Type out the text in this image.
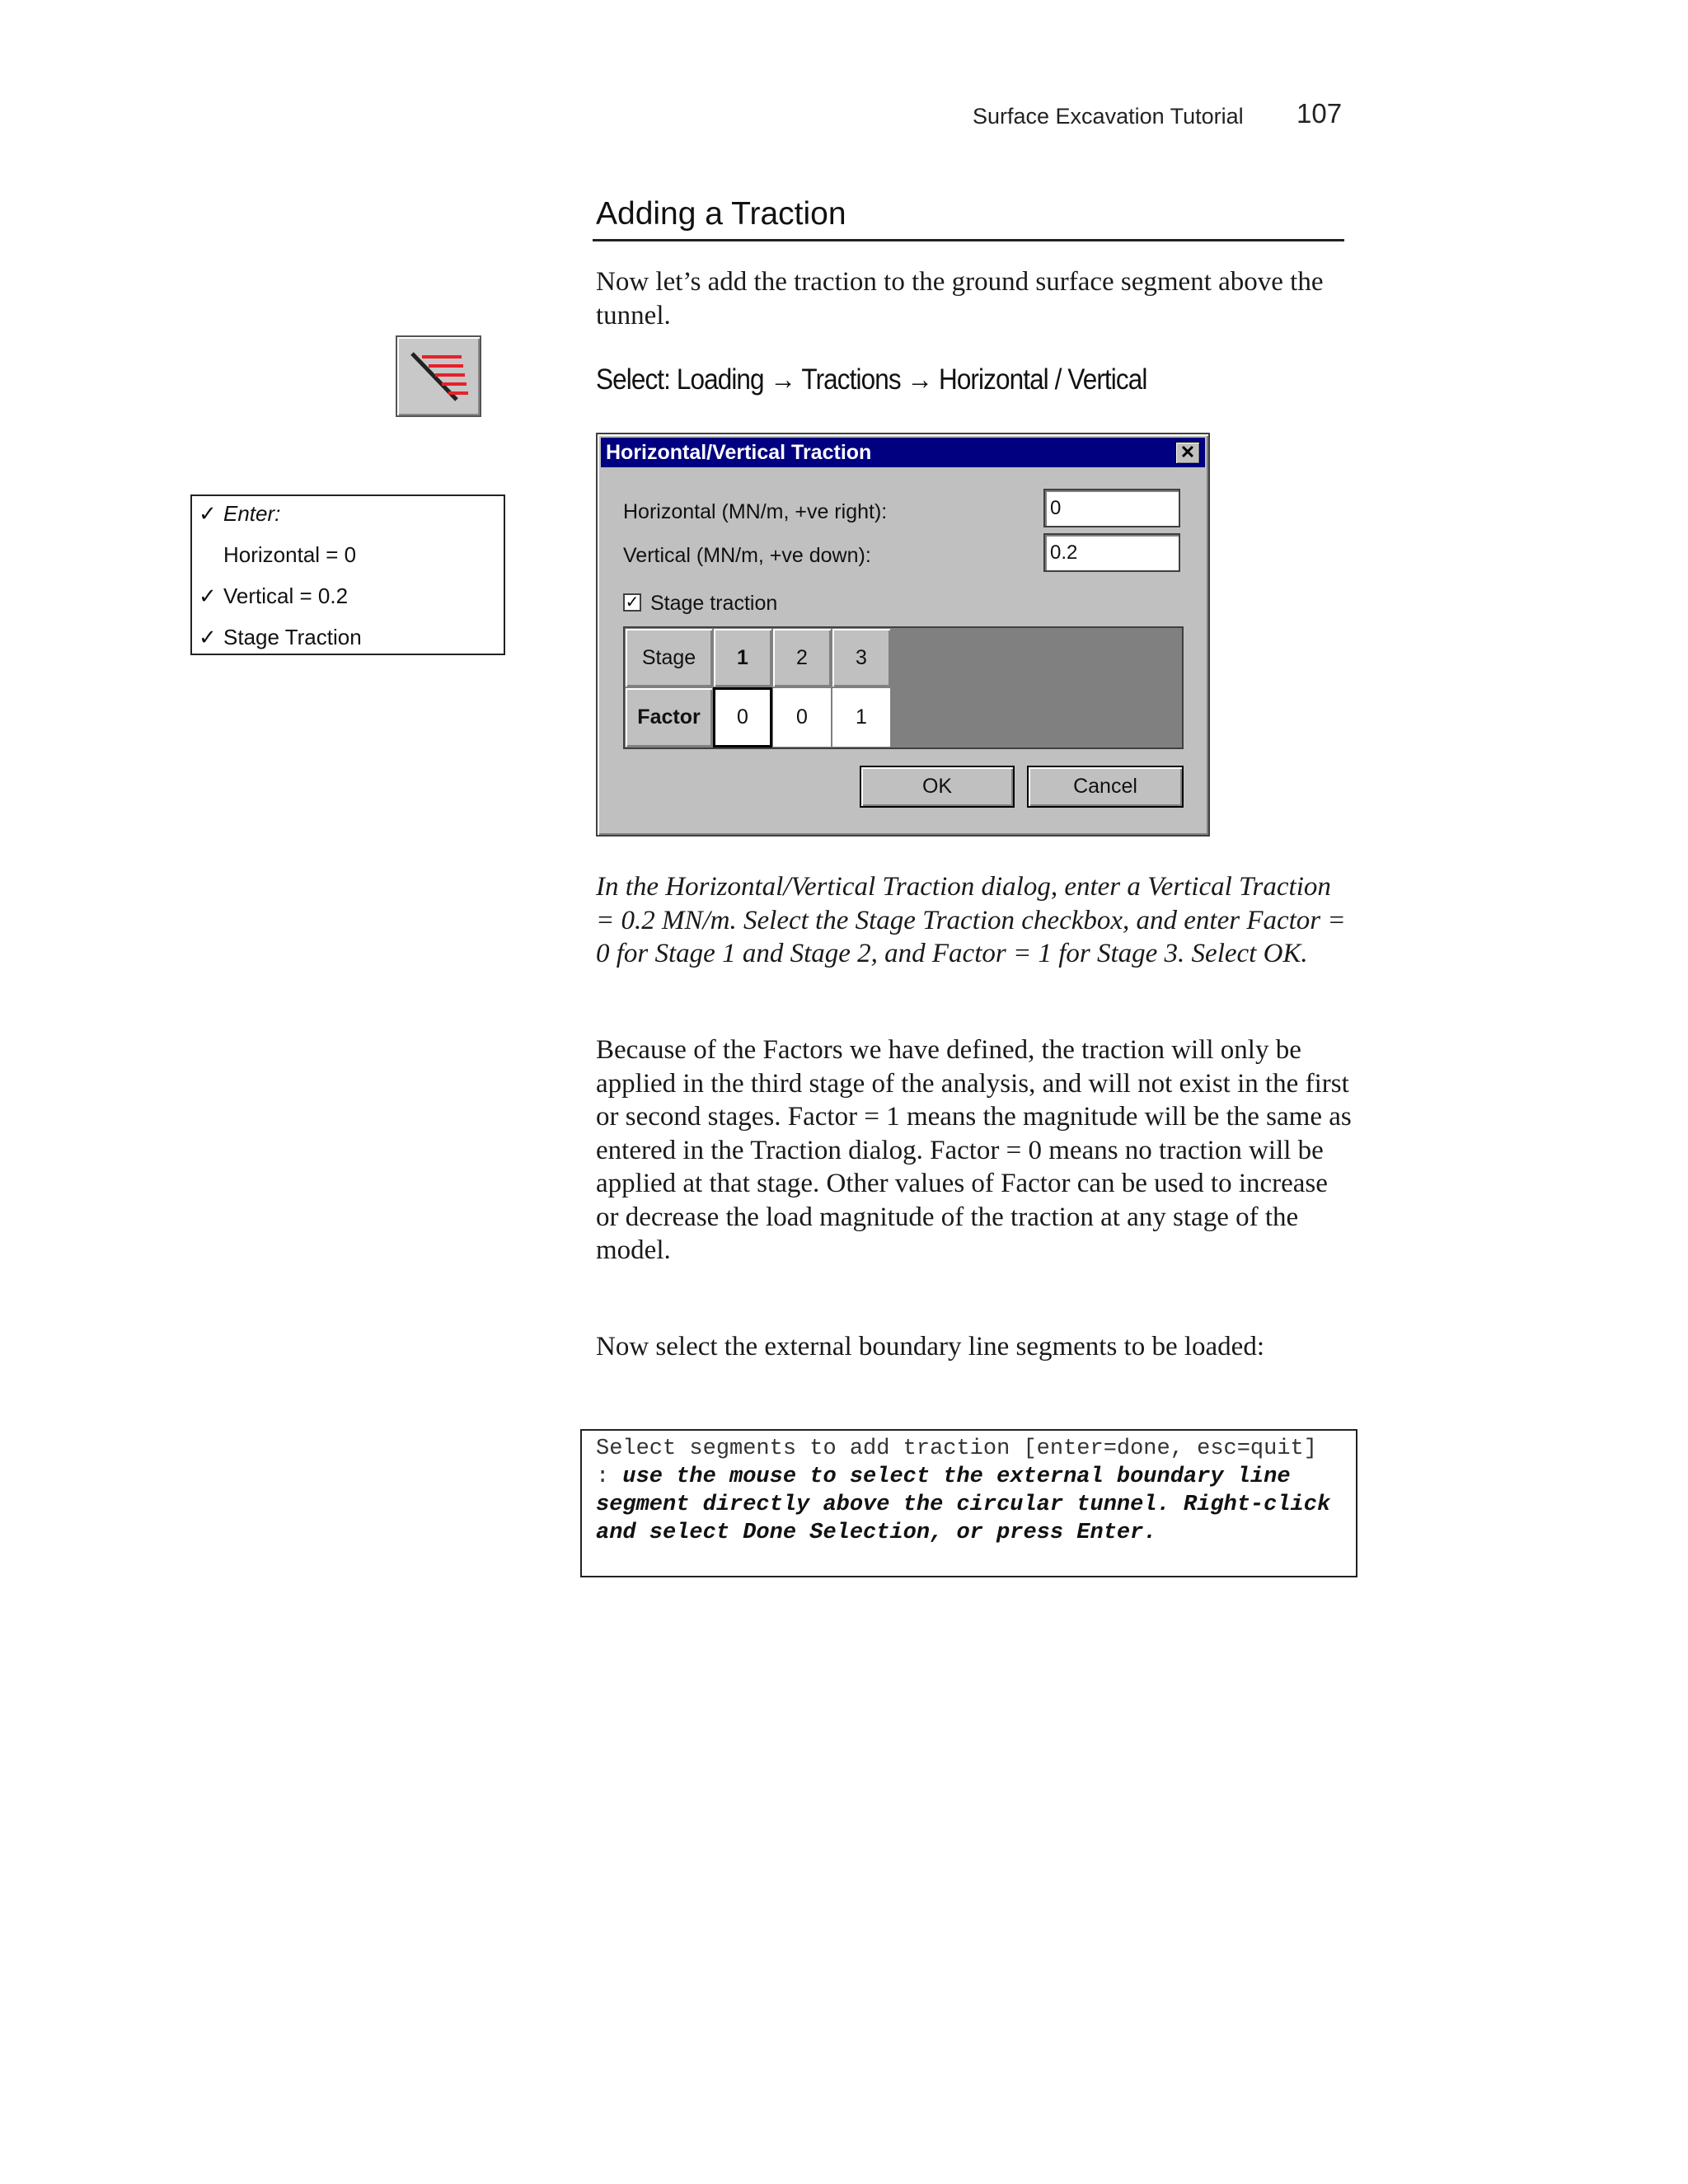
Surface Excavation Tutorial 107
Adding a Traction
Now let’s add the traction to the ground surface segment above the tunnel.
Select: Loading → Tractions → Horizontal / Vertical
✓ Enter:
Horizontal = 0
✓ Vertical = 0.2
✓ Stage Traction
Horizontal/Vertical Traction	✕
Horizontal (MN/m, +ve right):
0
Vertical (MN/m, +ve down):
0.2
✓ Stage traction
Stage	1	2	3
Factor	0	0	1
OK	Cancel
In the Horizontal/Vertical Traction dialog, enter a Vertical Traction = 0.2 MN/m. Select the Stage Traction checkbox, and enter Factor = 0 for Stage 1 and Stage 2, and Factor = 1 for Stage 3. Select OK.
Because of the Factors we have defined, the traction will only be applied in the third stage of the analysis, and will not exist in the first or second stages. Factor = 1 means the magnitude will be the same as entered in the Traction dialog. Factor = 0 means no traction will be applied at that stage. Other values of Factor can be used to increase or decrease the load magnitude of the traction at any stage of the model.
Now select the external boundary line segments to be loaded:
Select segments to add traction [enter=done, esc=quit] : use the mouse to select the external boundary line segment directly above the circular tunnel. Right-click and select Done Selection, or press Enter.
